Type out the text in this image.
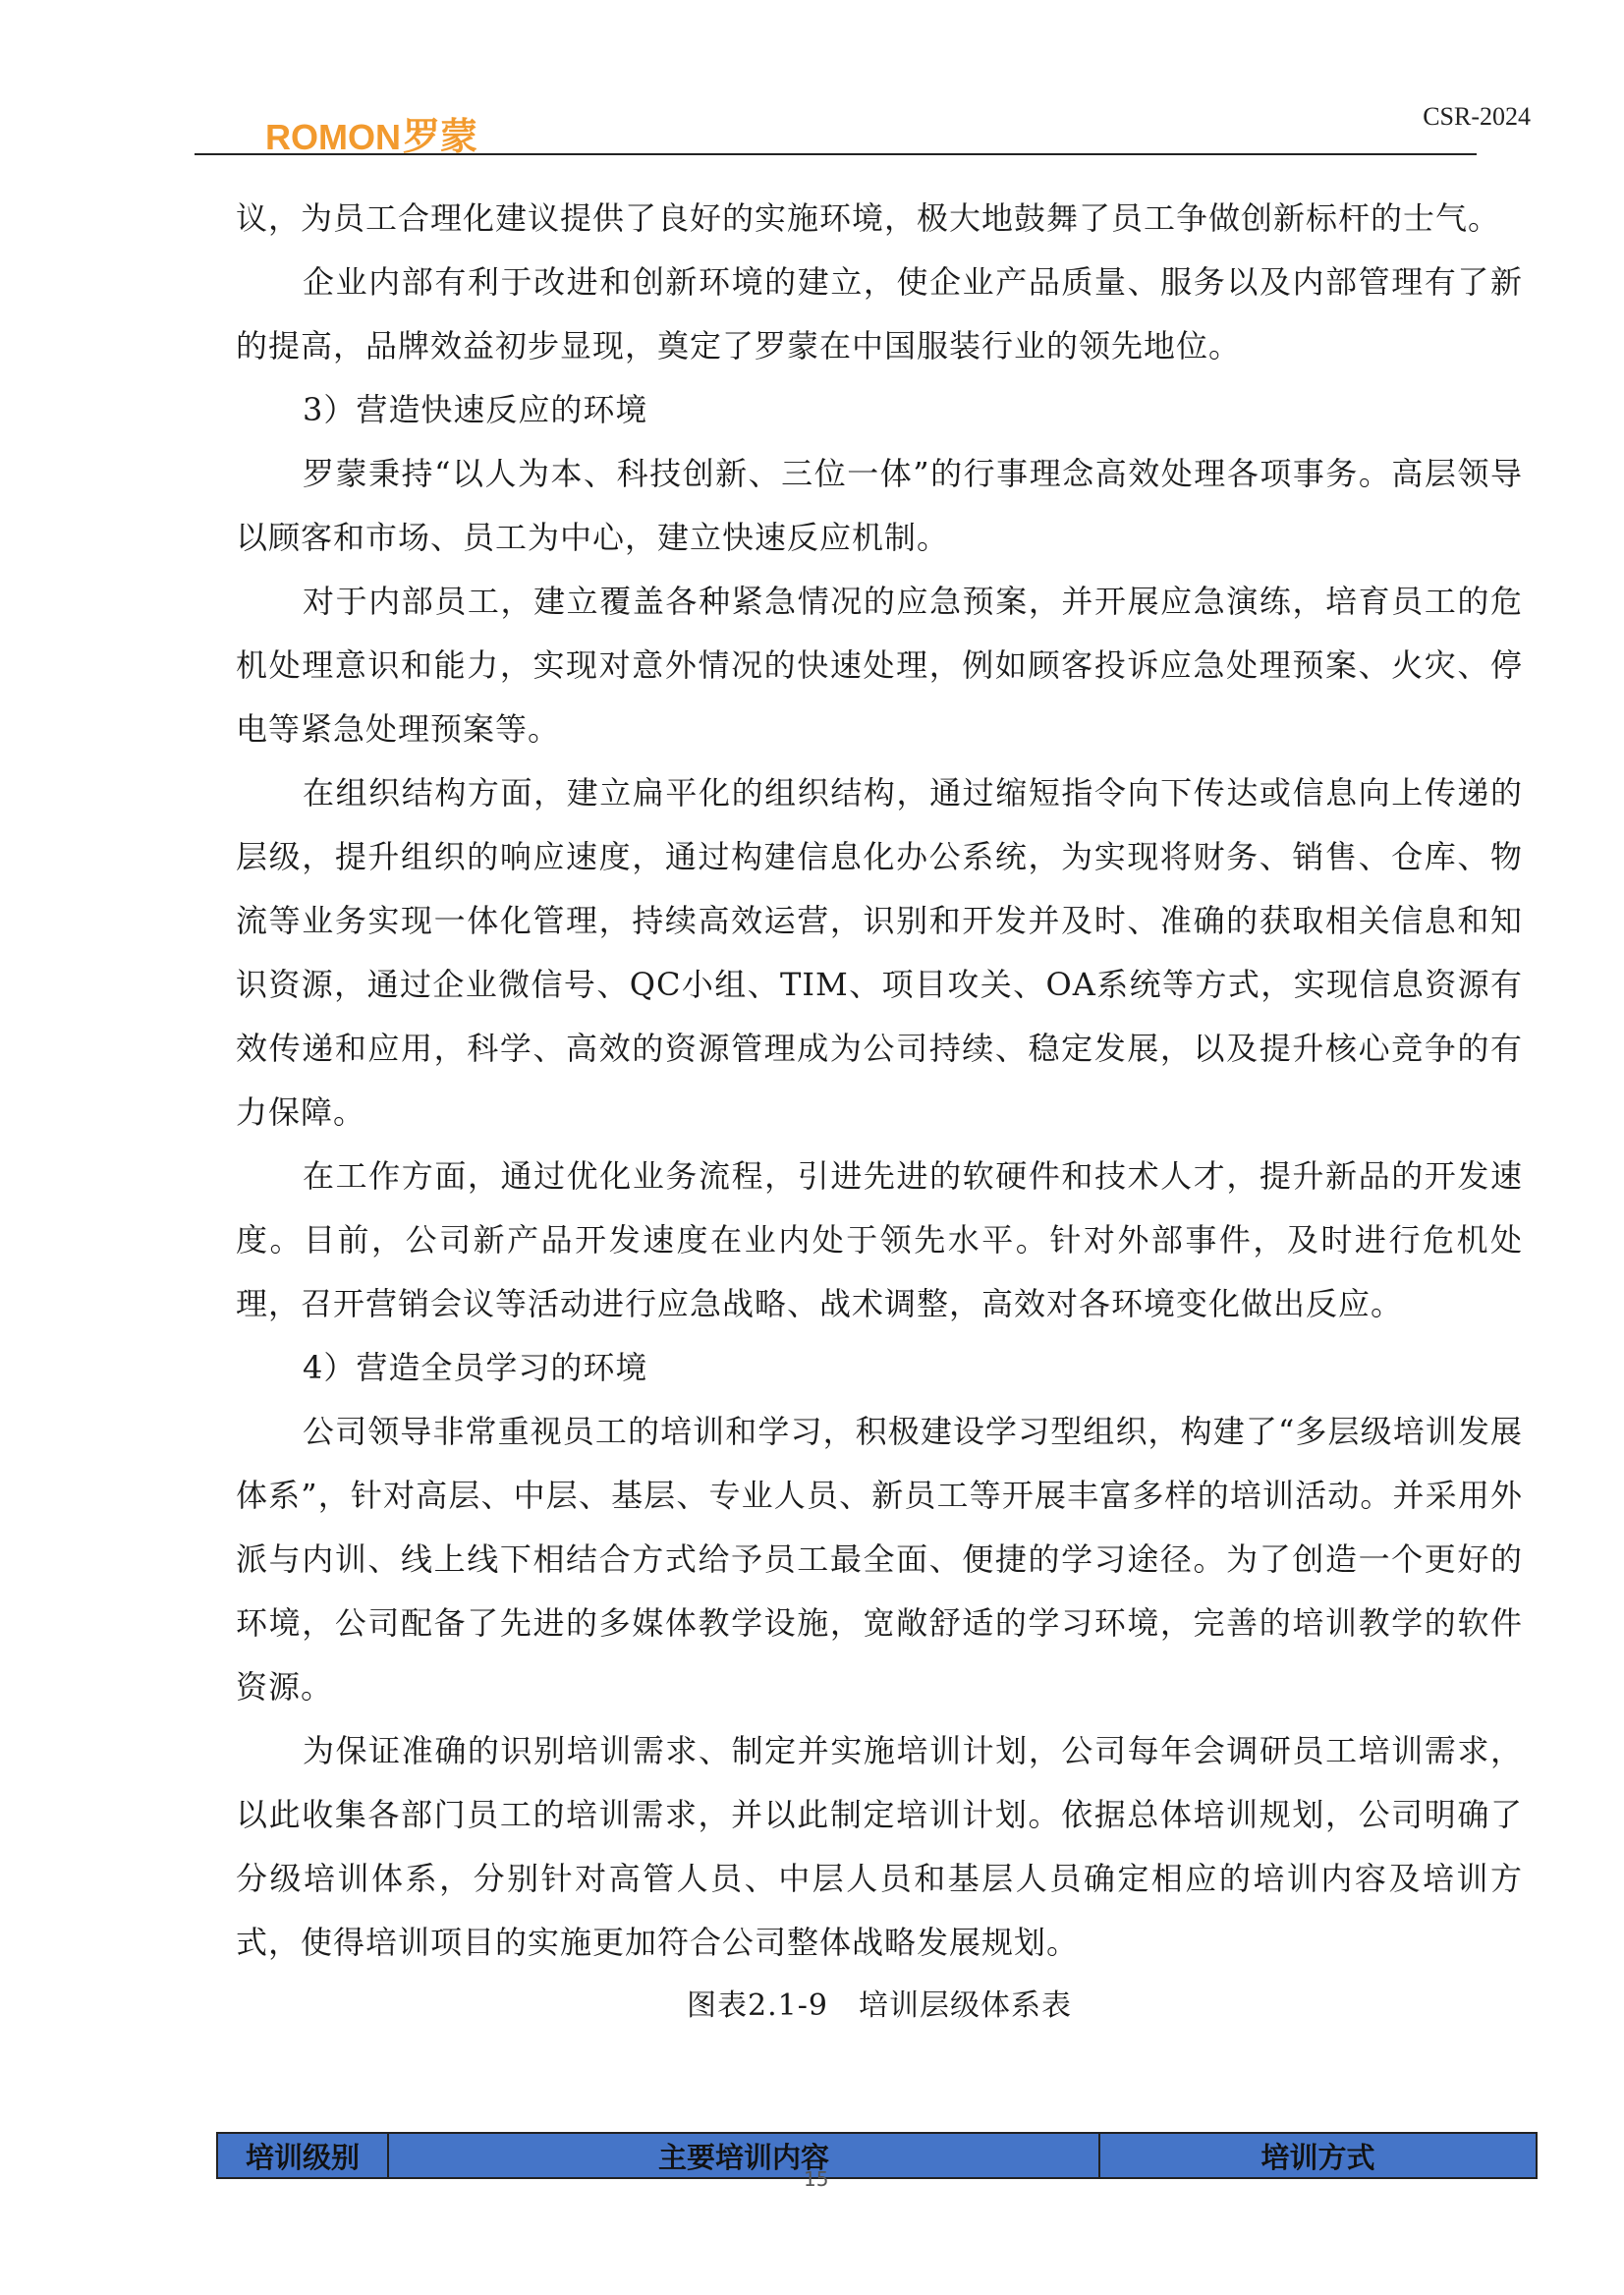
ROMON罗蒙
CSR-2024

议，为员工合理化建议提供了良好的实施环境，极大地鼓舞了员工争做创新标杆的士气。

企业内部有利于改进和创新环境的建立，使企业产品质量、服务以及内部管理有了新的提高，品牌效益初步显现，奠定了罗蒙在中国服装行业的领先地位。

3）营造快速反应的环境

罗蒙秉持“以人为本、科技创新、三位一体”的行事理念高效处理各项事务。高层领导以顾客和市场、员工为中心，建立快速反应机制。

对于内部员工，建立覆盖各种紧急情况的应急预案，并开展应急演练，培育员工的危机处理意识和能力，实现对意外情况的快速处理，例如顾客投诉应急处理预案、火灾、停电等紧急处理预案等。

在组织结构方面，建立扁平化的组织结构，通过缩短指令向下传达或信息向上传递的层级，提升组织的响应速度，通过构建信息化办公系统，为实现将财务、销售、仓库、物流等业务实现一体化管理，持续高效运营，识别和开发并及时、准确的获取相关信息和知识资源，通过企业微信号、QC小组、TIM、项目攻关、OA系统等方式，实现信息资源有效传递和应用，科学、高效的资源管理成为公司持续、稳定发展，以及提升核心竞争的有力保障。

在工作方面，通过优化业务流程，引进先进的软硬件和技术人才，提升新品的开发速度。目前，公司新产品开发速度在业内处于领先水平。针对外部事件，及时进行危机处理，召开营销会议等活动进行应急战略、战术调整，高效对各环境变化做出反应。

4）营造全员学习的环境

公司领导非常重视员工的培训和学习，积极建设学习型组织，构建了“多层级培训发展体系”，针对高层、中层、基层、专业人员、新员工等开展丰富多样的培训活动。并采用外派与内训、线上线下相结合方式给予员工最全面、便捷的学习途径。为了创造一个更好的环境，公司配备了先进的多媒体教学设施，宽敞舒适的学习环境，完善的培训教学的软件资源。

为保证准确的识别培训需求、制定并实施培训计划，公司每年会调研员工培训需求，以此收集各部门员工的培训需求，并以此制定培训计划。依据总体培训规划，公司明确了分级培训体系，分别针对高管人员、中层人员和基层人员确定相应的培训内容及培训方式，使得培训项目的实施更加符合公司整体战略发展规划。

图表2.1-9　培训层级体系表
培训级别	主要培训内容	培训方式
15
